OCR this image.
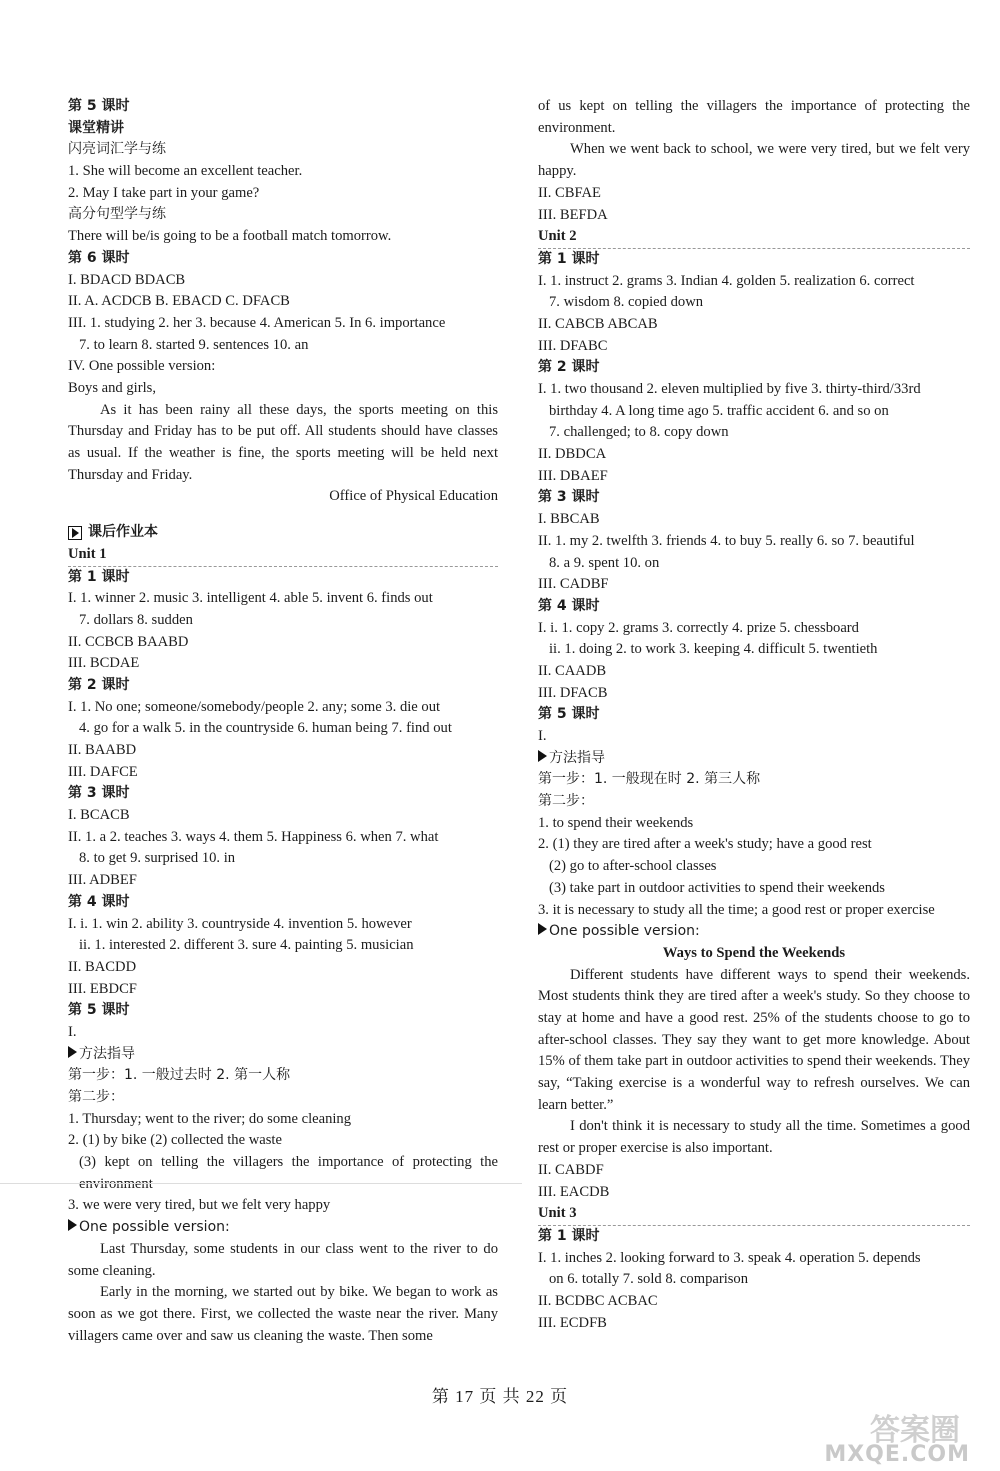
第 5 课时
课堂精讲
闪亮词汇学与练
1. She will become an excellent teacher.
2. May I take part in your game?
高分句型学与练
There will be/is going to be a football match tomorrow.
第 6 课时
I. BDACD BDACB
II. A. ACDCB B. EBACD C. DFACB
III. 1. studying 2. her 3. because 4. American 5. In 6. importance
7. to learn 8. started 9. sentences 10. an
IV. One possible version:
Boys and girls,
As it has been rainy all these days, the sports meeting on this Thursday and Friday has to be put off. All students should have classes as usual. If the weather is fine, the sports meeting will be held next Thursday and Friday.
Office of Physical Education
课后作业本
Unit 1
第 1 课时
I. 1. winner 2. music 3. intelligent 4. able 5. invent 6. finds out
7. dollars 8. sudden
II. CCBCB BAABD
III. BCDAE
第 2 课时
I. 1. No one; someone/somebody/people 2. any; some 3. die out
4. go for a walk 5. in the countryside 6. human being 7. find out
II. BAABD
III. DAFCE
第 3 课时
I. BCACB
II. 1. a 2. teaches 3. ways 4. them 5. Happiness 6. when 7. what
8. to get 9. surprised 10. in
III. ADBEF
第 4 课时
I. i. 1. win 2. ability 3. countryside 4. invention 5. however
ii. 1. interested 2. different 3. sure 4. painting 5. musician
II. BACDD
III. EBDCF
第 5 课时
I.
方法指导
第一步：1. 一般过去时 2. 第一人称
第二步：
1. Thursday; went to the river; do some cleaning
2. (1) by bike (2) collected the waste
(3) kept on telling the villagers the importance of protecting the environment
3. we were very tired, but we felt very happy
One possible version:
Last Thursday, some students in our class went to the river to do some cleaning.
Early in the morning, we started out by bike. We began to work as soon as we got there. First, we collected the waste near the river. Many villagers came over and saw us cleaning the waste. Then some
of us kept on telling the villagers the importance of protecting the environment.
When we went back to school, we were very tired, but we felt very happy.
II. CBFAE
III. BEFDA
Unit 2
第 1 课时
I. 1. instruct 2. grams 3. Indian 4. golden 5. realization 6. correct
7. wisdom 8. copied down
II. CABCB ABCAB
III. DFABC
第 2 课时
I. 1. two thousand 2. eleven multiplied by five 3. thirty-third/33rd
birthday 4. A long time ago 5. traffic accident 6. and so on
7. challenged; to 8. copy down
II. DBDCA
III. DBAEF
第 3 课时
I. BBCAB
II. 1. my 2. twelfth 3. friends 4. to buy 5. really 6. so 7. beautiful
8. a 9. spent 10. on
III. CADBF
第 4 课时
I. i. 1. copy 2. grams 3. correctly 4. prize 5. chessboard
ii. 1. doing 2. to work 3. keeping 4. difficult 5. twentieth
II. CAADB
III. DFACB
第 5 课时
I.
方法指导
第一步：1. 一般现在时 2. 第三人称
第二步：
1. to spend their weekends
2. (1) they are tired after a week's study; have a good rest
(2) go to after-school classes
(3) take part in outdoor activities to spend their weekends
3. it is necessary to study all the time; a good rest or proper exercise
One possible version:
Ways to Spend the Weekends
Different students have different ways to spend their weekends. Most students think they are tired after a week's study. So they choose to stay at home and have a good rest. 25% of the students choose to go to after-school classes. They say they want to get more knowledge. About 15% of them take part in outdoor activities to spend their weekends. They say, “Taking exercise is a wonderful way to refresh ourselves. We can learn better.”
I don't think it is necessary to study all the time. Sometimes a good rest or proper exercise is also important.
II. CABDF
III. EACDB
Unit 3
第 1 课时
I. 1. inches 2. looking forward to 3. speak 4. operation 5. depends
on 6. totally 7. sold 8. comparison
II. BCDBC ACBAC
III. ECDFB
第 17 页 共 22 页
答案圈
MXQE.COM
